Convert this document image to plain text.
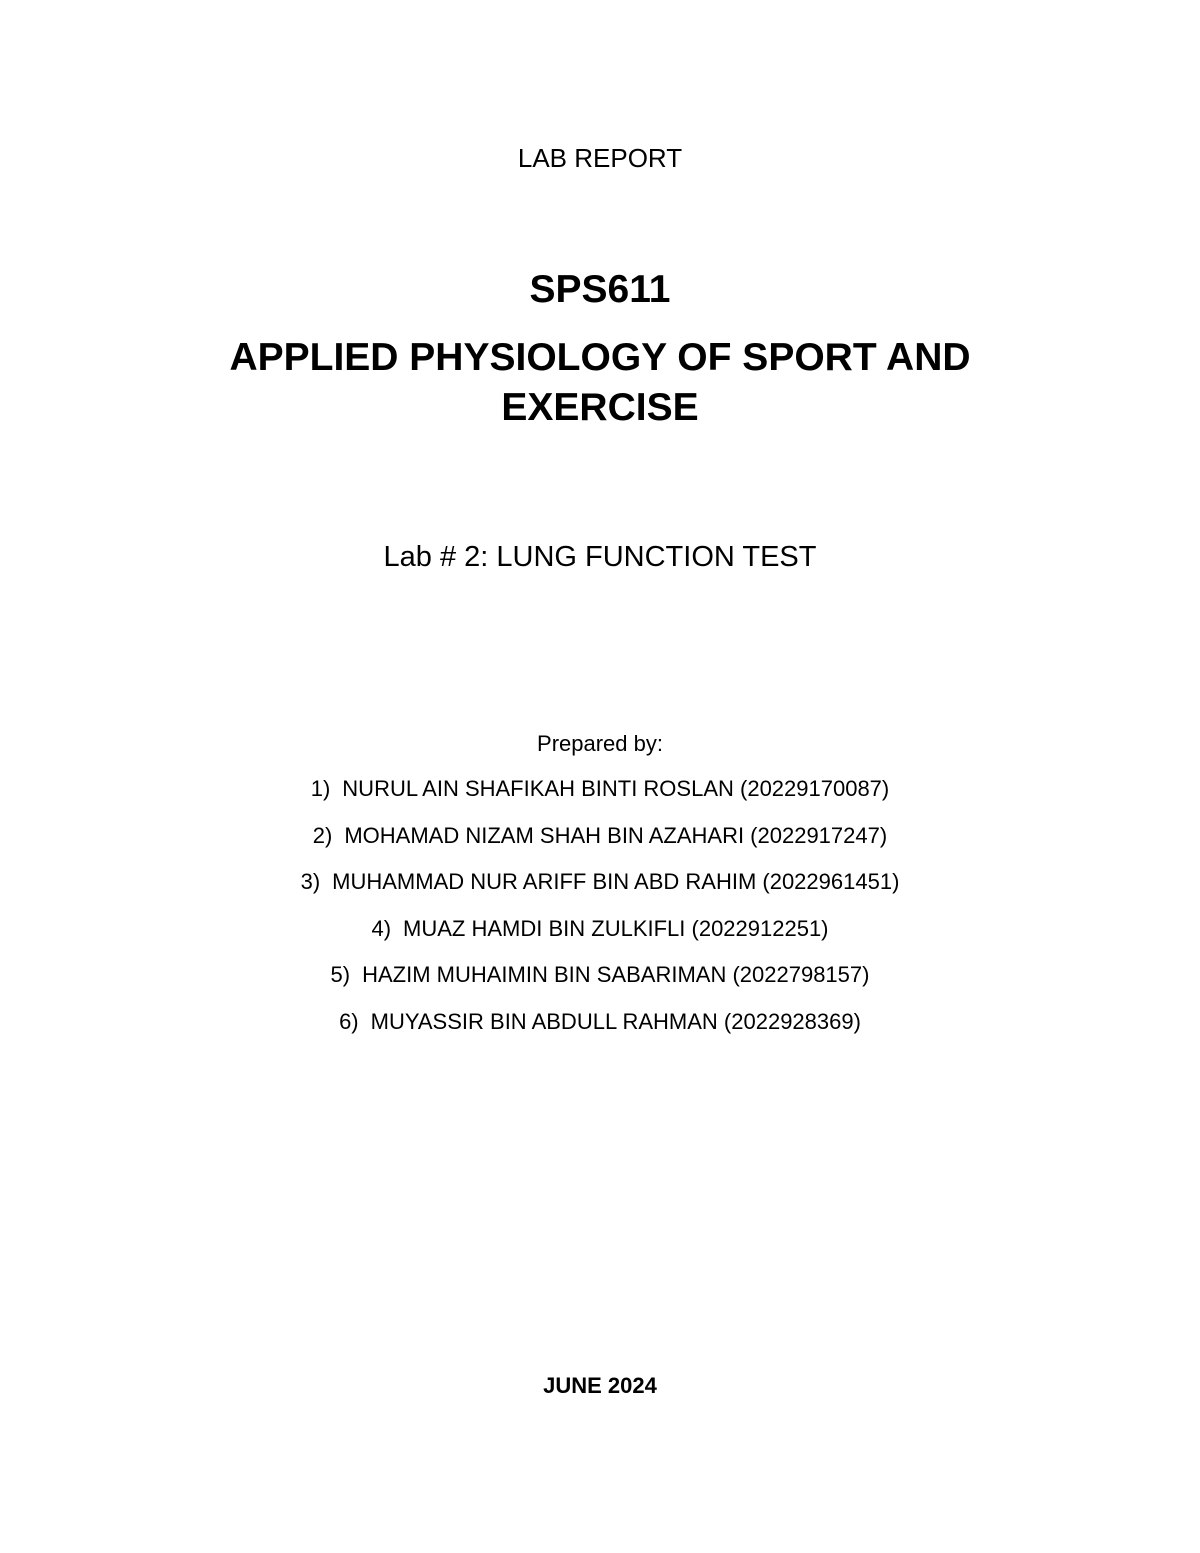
LAB REPORT
SPS611
APPLIED PHYSIOLOGY OF SPORT AND
EXERCISE
Lab # 2: LUNG FUNCTION TEST
Prepared by:
1) NURUL AIN SHAFIKAH BINTI ROSLAN (20229170087)
2) MOHAMAD NIZAM SHAH BIN AZAHARI (2022917247)
3) MUHAMMAD NUR ARIFF BIN ABD RAHIM (2022961451)
4) MUAZ HAMDI BIN ZULKIFLI (2022912251)
5) HAZIM MUHAIMIN BIN SABARIMAN (2022798157)
6) MUYASSIR BIN ABDULL RAHMAN (2022928369)
JUNE 2024
